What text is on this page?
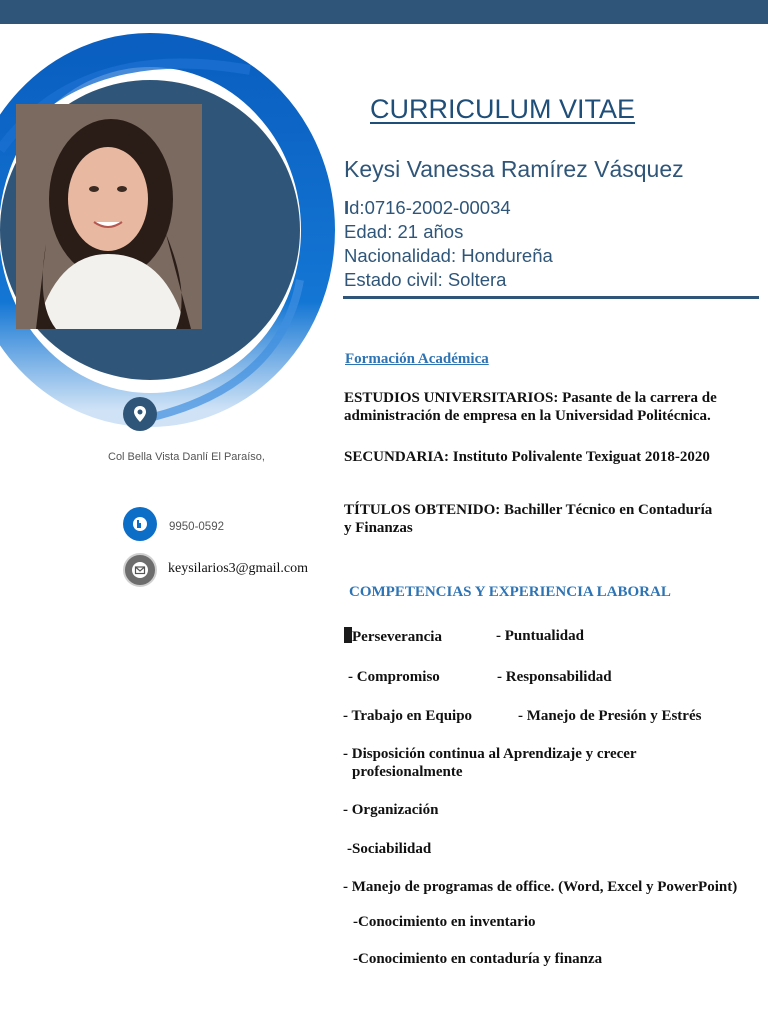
Col Bella Vista Danlí El Paraíso,
9950-0592
keysilarios3@gmail.com
CURRICULUM VITAE
Keysi Vanessa Ramírez Vásquez
Id:0716-2002-00034
Edad: 21 años
Nacionalidad: Hondureña
Estado civil: Soltera
Formación Académica
ESTUDIOS UNIVERSITARIOS: Pasante de la carrera de administración de empresa en la Universidad Politécnica.
SECUNDARIA: Instituto Polivalente Texiguat 2018-2020
TÍTULOS OBTENIDO: Bachiller Técnico en Contaduría
y Finanzas
COMPETENCIAS Y EXPERIENCIA LABORAL
Perseverancia	- Puntualidad
- Compromiso	- Responsabilidad
- Trabajo en Equipo	- Manejo de Presión y Estrés
- Disposición continua al Aprendizaje y crecer
profesionalmente
- Organización
-Sociabilidad
- Manejo de programas de office. (Word, Excel y PowerPoint)
-Conocimiento en inventario
-Conocimiento en contaduría y finanza
